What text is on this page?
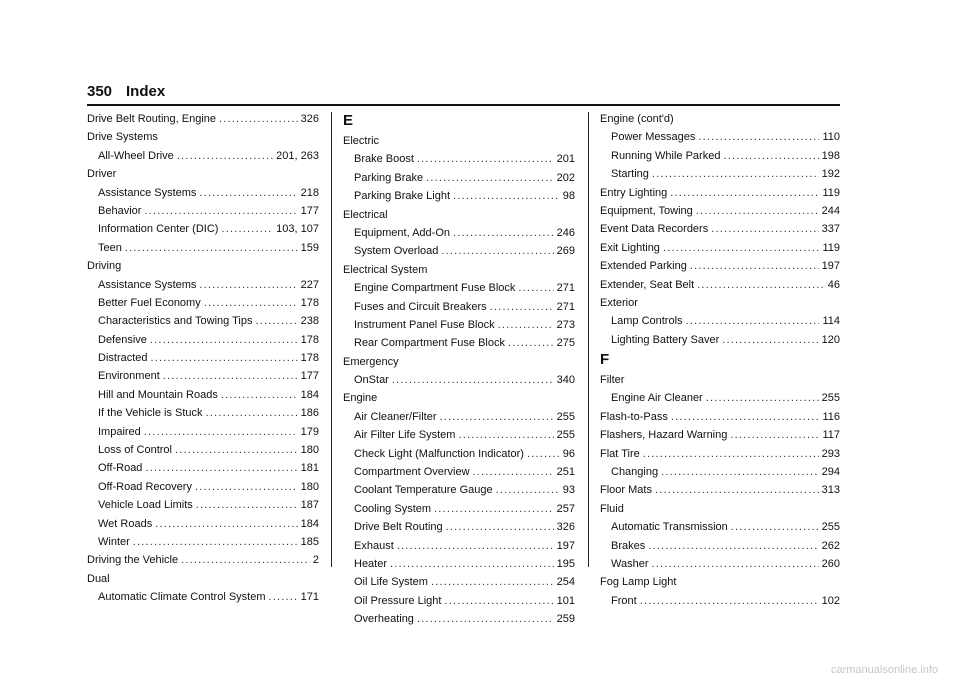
350 Index
Drive Belt Routing, Engine .....	326
Drive Systems
All-Wheel Drive .....	201, 263
Driver
Assistance Systems .....	218
Behavior .....	177
Information Center (DIC) .....	103, 107
Teen .....	159
Driving
Assistance Systems .....	227
Better Fuel Economy .....	178
Characteristics and Towing Tips .....	238
Defensive .....	178
Distracted .....	178
Environment .....	177
Hill and Mountain Roads .....	184
If the Vehicle is Stuck .....	186
Impaired .....	179
Loss of Control .....	180
Off-Road .....	181
Off-Road Recovery .....	180
Vehicle Load Limits .....	187
Wet Roads .....	184
Winter .....	185
Driving the Vehicle .....	2
Dual
Automatic Climate Control System .....	171
E
Electric
Brake Boost .....	201
Parking Brake .....	202
Parking Brake Light .....	98
Electrical
Equipment, Add-On .....	246
System Overload .....	269
Electrical System
Engine Compartment Fuse Block .....	271
Fuses and Circuit Breakers .....	271
Instrument Panel Fuse Block .....	273
Rear Compartment Fuse Block .....	275
Emergency
OnStar .....	340
Engine
Air Cleaner/Filter .....	255
Air Filter Life System .....	255
Check Light (Malfunction Indicator) .....	96
Compartment Overview .....	251
Coolant Temperature Gauge .....	93
Cooling System .....	257
Drive Belt Routing .....	326
Exhaust .....	197
Heater .....	195
Oil Life System .....	254
Oil Pressure Light .....	101
Overheating .....	259
Engine (cont'd)
Power Messages .....	110
Running While Parked .....	198
Starting .....	192
Entry Lighting .....	119
Equipment, Towing .....	244
Event Data Recorders .....	337
Exit Lighting .....	119
Extended Parking .....	197
Extender, Seat Belt .....	46
Exterior
Lamp Controls .....	114
Lighting Battery Saver .....	120
F
Filter
Engine Air Cleaner .....	255
Flash-to-Pass .....	116
Flashers, Hazard Warning .....	117
Flat Tire .....	293
Changing .....	294
Floor Mats .....	313
Fluid
Automatic Transmission .....	255
Brakes .....	262
Washer .....	260
Fog Lamp Light
Front .....	102
carmanualsonline.info
